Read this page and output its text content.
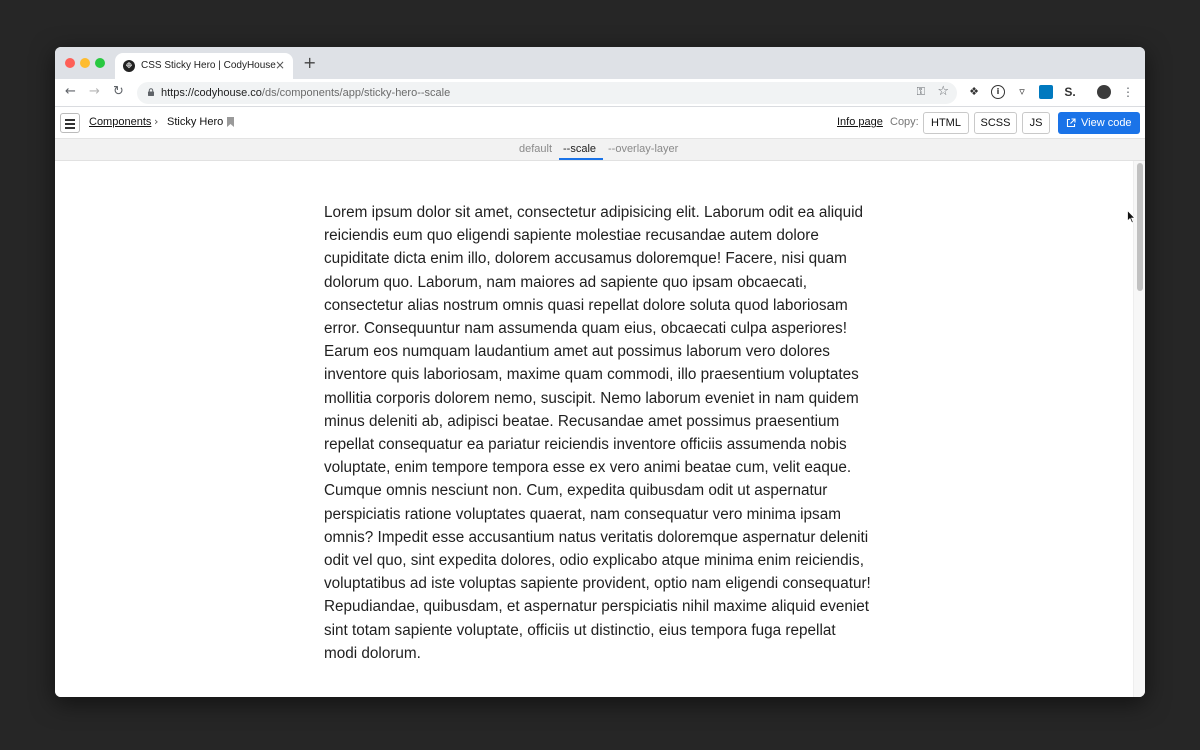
❉ CSS Sticky Hero | CodyHouse × +
← → ↻	https://codyhouse.co/ds/components/app/sticky-hero--scale	⚿ ☆ ❖	i	▿	S.	⋮
Components › Sticky Hero	Info page Copy:	HTML	SCSS	JS	View code
default --scale --overlay-layer

Lorem ipsum dolor sit amet, consectetur adipisicing elit. Laborum odit ea aliquid reiciendis eum quo eligendi sapiente molestiae recusandae autem dolore cupiditate dicta enim illo, dolorem accusamus doloremque! Facere, nisi quam dolorum quo. Laborum, nam maiores ad sapiente quo ipsam obcaecati, consectetur alias nostrum omnis quasi repellat dolore soluta quod laboriosam error. Consequuntur nam assumenda quam eius, obcaecati culpa asperiores! Earum eos numquam laudantium amet aut possimus laborum vero dolores inventore quis laboriosam, maxime quam commodi, illo praesentium voluptates mollitia corporis dolorem nemo, suscipit. Nemo laborum eveniet in nam quidem minus deleniti ab, adipisci beatae. Recusandae amet possimus praesentium repellat consequatur ea pariatur reiciendis inventore officiis assumenda nobis voluptate, enim tempore tempora esse ex vero animi beatae cum, velit eaque. Cumque omnis nesciunt non. Cum, expedita quibusdam odit ut aspernatur perspiciatis ratione voluptates quaerat, nam consequatur vero minima ipsam omnis? Impedit esse accusantium natus veritatis doloremque aspernatur deleniti odit vel quo, sint expedita dolores, odio explicabo atque minima enim reiciendis, voluptatibus ad iste voluptas sapiente provident, optio nam eligendi consequatur! Repudiandae, quibusdam, et aspernatur perspiciatis nihil maxime aliquid eveniet sint totam sapiente voluptate, officiis ut distinctio, eius tempora fuga repellat modi dolorum.
